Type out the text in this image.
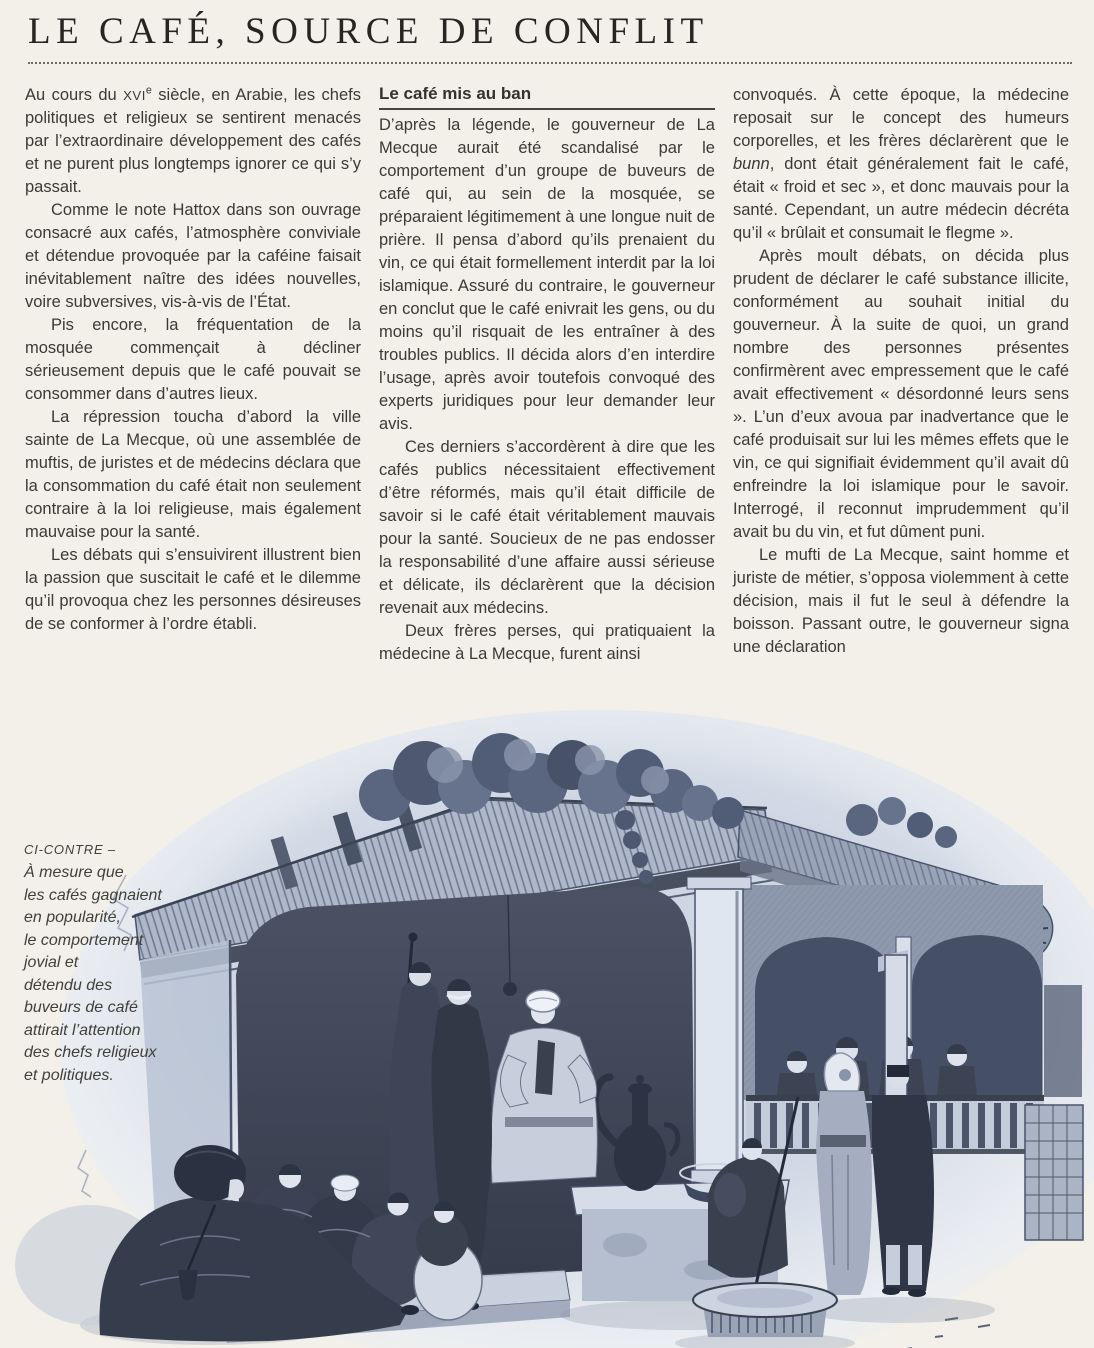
LE CAFÉ, SOURCE DE CONFLIT

Au cours du XVIe siècle, en Arabie, les chefs politiques et religieux se sentirent menacés par l’extraordinaire développement des cafés et ne purent plus longtemps ignorer ce qui s’y passait.

Comme le note Hattox dans son ouvrage consacré aux cafés, l’atmosphère conviviale et détendue provoquée par la caféine faisait inévitablement naître des idées nouvelles, voire subversives, vis-à-vis de l’État.

Pis encore, la fréquentation de la mosquée commençait à décliner sérieusement depuis que le café pouvait se consommer dans d’autres lieux.

La répression toucha d’abord la ville sainte de La Mecque, où une assemblée de muftis, de juristes et de médecins déclara que la consommation du café était non seulement contraire à la loi religieuse, mais également mauvaise pour la santé.

Les débats qui s’ensuivirent illustrent bien la passion que suscitait le café et le dilemme qu’il provoqua chez les personnes désireuses de se conformer à l’ordre établi.

Le café mis au ban

D’après la légende, le gouverneur de La Mecque aurait été scandalisé par le comportement d’un groupe de buveurs de café qui, au sein de la mosquée, se préparaient légitimement à une longue nuit de prière. Il pensa d’abord qu’ils prenaient du vin, ce qui était formellement interdit par la loi islamique. Assuré du contraire, le gouverneur en conclut que le café enivrait les gens, ou du moins qu’il risquait de les entraîner à des troubles publics. Il décida alors d’en interdire l’usage, après avoir toutefois convoqué des experts juridiques pour leur demander leur avis.

Ces derniers s’accordèrent à dire que les cafés publics nécessitaient effectivement d’être réformés, mais qu’il était difficile de savoir si le café était véritablement mauvais pour la santé. Soucieux de ne pas endosser la responsabilité d’une affaire aussi sérieuse et délicate, ils déclarèrent que la décision revenait aux médecins.

Deux frères perses, qui pratiquaient la médecine à La Mecque, furent ainsi

convoqués. À cette époque, la médecine reposait sur le concept des humeurs corporelles, et les frères déclarèrent que le bunn, dont était généralement fait le café, était « froid et sec », et donc mauvais pour la santé. Cependant, un autre médecin décréta qu’il « brûlait et consumait le flegme ».

Après moult débats, on décida plus prudent de déclarer le café substance illicite, conformément au souhait initial du gouverneur. À la suite de quoi, un grand nombre des personnes présentes confirmèrent avec empressement que le café avait effectivement « désordonné leurs sens ». L’un d’eux avoua par inadvertance que le café produisait sur lui les mêmes effets que le vin, ce qui signifiait évidemment qu’il avait dû enfreindre la loi islamique pour le savoir. Interrogé, il reconnut imprudemment qu’il avait bu du vin, et fut dûment puni.

Le mufti de La Mecque, saint homme et juriste de métier, s’opposa violemment à cette décision, mais il fut le seul à défendre la boisson. Passant outre, le gouverneur signa une déclaration

CI-CONTRE –
À mesure que
les cafés gagnaient
en popularité,
le comportement
jovial et
détendu des
buveurs de café
attirait l’attention
des chefs religieux
et politiques.
